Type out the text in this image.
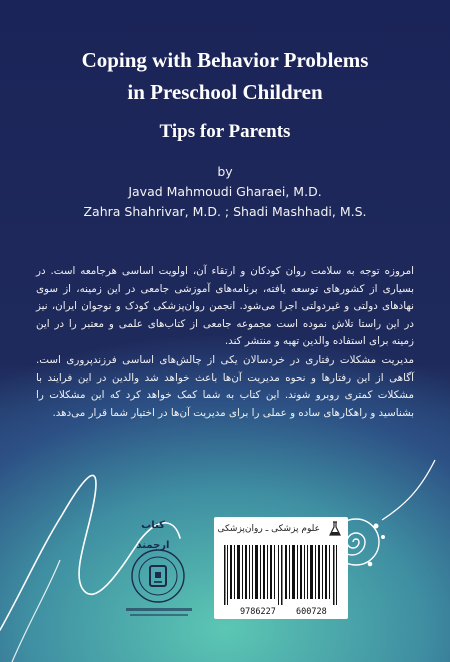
Coping with Behavior Problems
in Preschool Children
Tips for Parents
by
Javad Mahmoudi Gharaei, M.D.
Zahra Shahrivar, M.D. ; Shadi Mashhadi, M.S.

امروزه توجه به سلامت روان کودکان و ارتقاء آن، اولویت اساسی هرجامعه است. در بسیاری از کشورهای توسعه یافته، برنامه‌های آموزشی جامعی در این زمینه، از سوی نهادهای دولتی و غیردولتی اجرا می‌شود. انجمن روان‌پزشکی کودک و نوجوان ایران، نیز در این راستا تلاش نموده است مجموعه جامعی از کتاب‌های علمی و معتبر را در این زمینه برای استفاده والدین تهیه و منتشر کند.

مدیریت مشکلات رفتاری در خردسالان یکی از چالش‌های اساسی فرزندپروری است. آگاهی از این رفتارها و نحوه مدیریت آن‌ها باعث خواهد شد والدین در این فرایند با مشکلات کمتری روبرو شوند. این کتاب به شما کمک خواهد کرد که این مشکلات را بشناسید و راهکارهای ساده و عملی را برای مدیریت آن‌ها در اختیار شما قرار می‌دهد.

کتاب ارجمند
علوم پزشکی ـ روان‌پزشکی
9786227 600728
